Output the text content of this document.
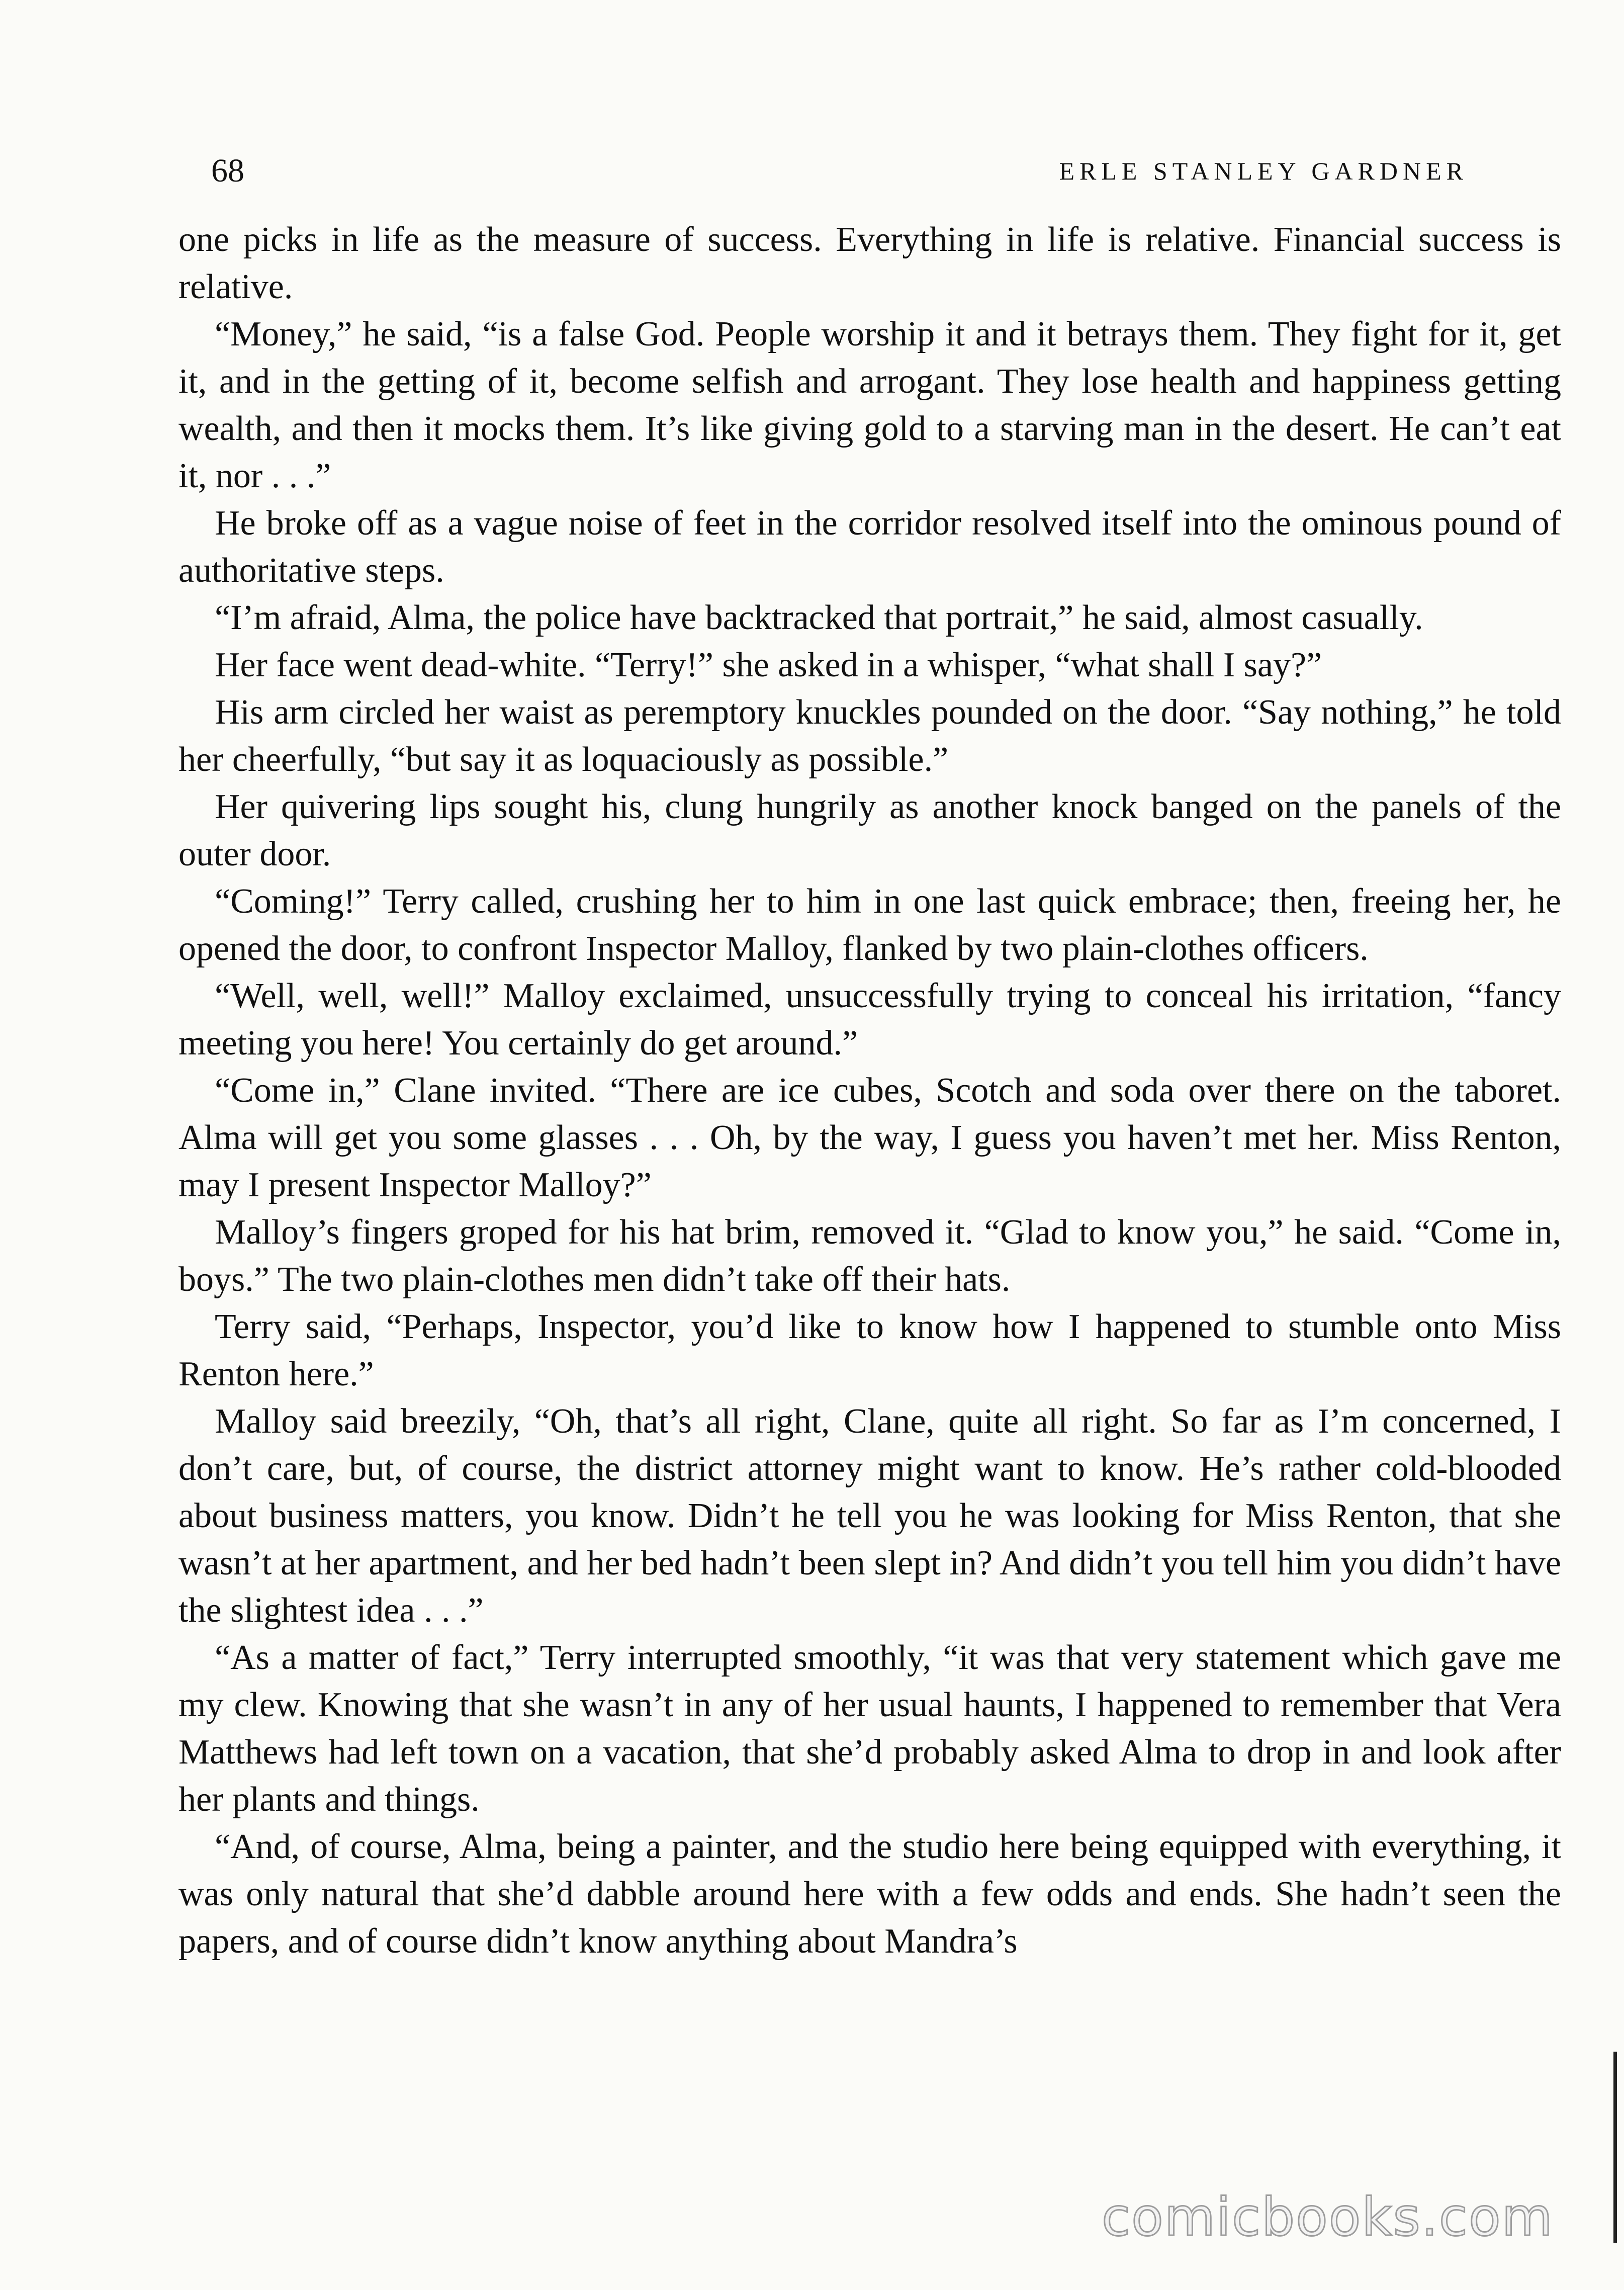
68	ERLE STANLEY GARDNER

one picks in life as the measure of success. Everything in life is relative. Financial success is relative.

“Money,” he said, “is a false God. People worship it and it betrays them. They fight for it, get it, and in the getting of it, become selfish and arrogant. They lose health and happiness getting wealth, and then it mocks them. It’s like giving gold to a starving man in the desert. He can’t eat it, nor . . .”

He broke off as a vague noise of feet in the corridor resolved itself into the ominous pound of authoritative steps.

“I’m afraid, Alma, the police have backtracked that portrait,” he said, almost casually.

Her face went dead-white. “Terry!” she asked in a whisper, “what shall I say?”

His arm circled her waist as peremptory knuckles pounded on the door. “Say nothing,” he told her cheerfully, “but say it as loquaciously as possible.”

Her quivering lips sought his, clung hungrily as another knock banged on the panels of the outer door.

“Coming!” Terry called, crushing her to him in one last quick embrace; then, freeing her, he opened the door, to confront Inspector Malloy, flanked by two plain-clothes officers.

“Well, well, well!” Malloy exclaimed, unsuccessfully trying to conceal his irritation, “fancy meeting you here! You certainly do get around.”

“Come in,” Clane invited. “There are ice cubes, Scotch and soda over there on the taboret. Alma will get you some glasses . . . Oh, by the way, I guess you haven’t met her. Miss Renton, may I present Inspector Malloy?”

Malloy’s fingers groped for his hat brim, removed it. “Glad to know you,” he said. “Come in, boys.” The two plain-clothes men didn’t take off their hats.

Terry said, “Perhaps, Inspector, you’d like to know how I happened to stumble onto Miss Renton here.”

Malloy said breezily, “Oh, that’s all right, Clane, quite all right. So far as I’m concerned, I don’t care, but, of course, the district attorney might want to know. He’s rather cold-blooded about business matters, you know. Didn’t he tell you he was looking for Miss Renton, that she wasn’t at her apartment, and her bed hadn’t been slept in? And didn’t you tell him you didn’t have the slightest idea . . .”

“As a matter of fact,” Terry interrupted smoothly, “it was that very statement which gave me my clew. Knowing that she wasn’t in any of her usual haunts, I happened to remember that Vera Matthews had left town on a vacation, that she’d probably asked Alma to drop in and look after her plants and things.

“And, of course, Alma, being a painter, and the studio here being equipped with everything, it was only natural that she’d dabble around here with a few odds and ends. She hadn’t seen the papers, and of course didn’t know anything about Mandra’s

comicbooks.com
